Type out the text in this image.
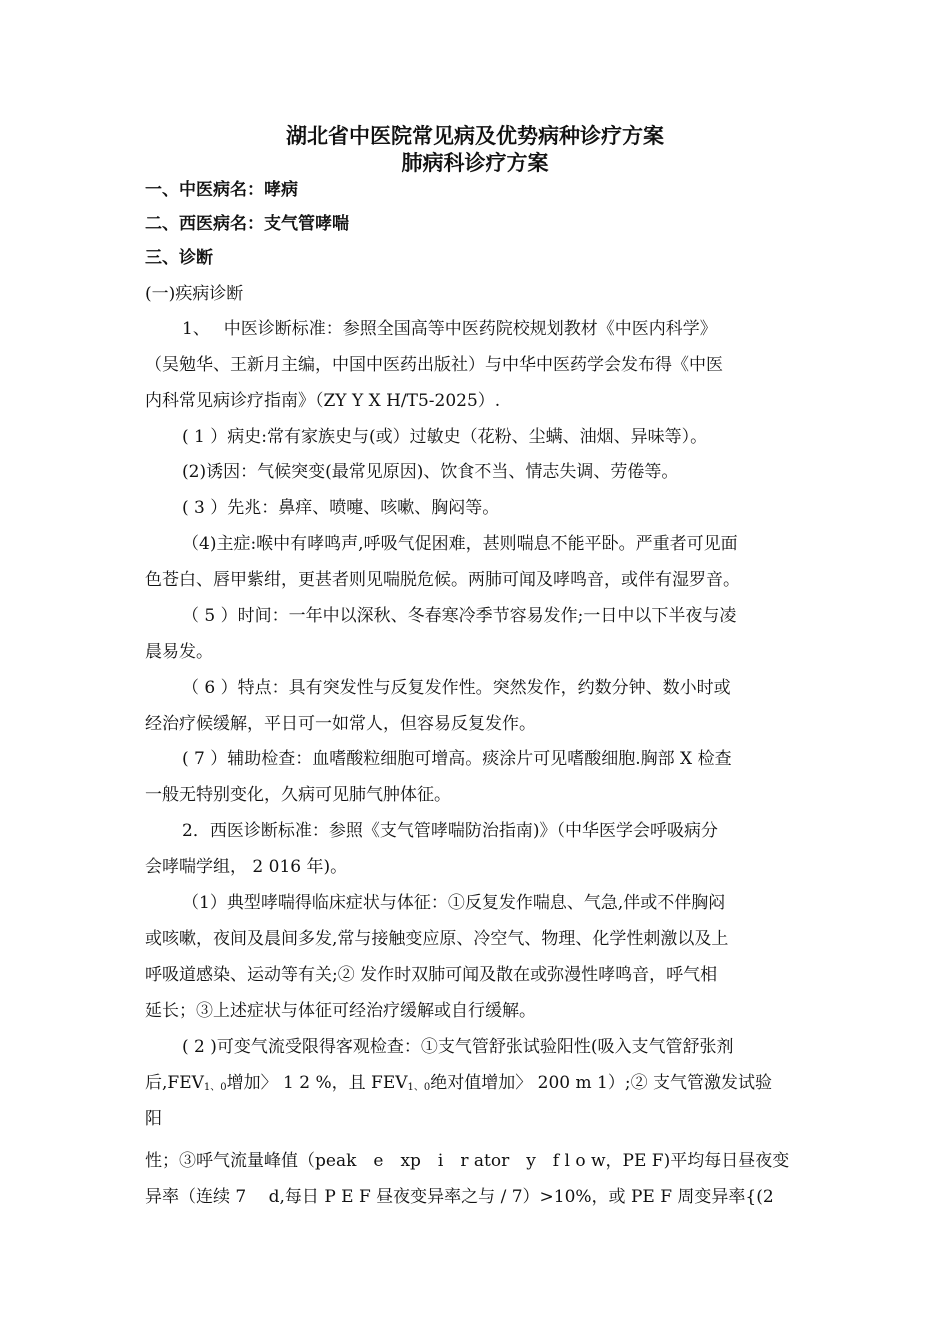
湖北省中医院常见病及优势病种诊疗方案
肺病科诊疗方案
一、中医病名：哮病
二、西医病名：支气管哮喘
三、诊断
(一)疾病诊断
1、　 中医诊断标准：参照全国高等中医药院校规划教材《中医内科学》
（吴勉华、王新月主编，中国中医药出版社）与中华中医药学会发布得《中医
内科常见病诊疗指南》（ZY Y X H/T5-2025）.
( 1 ）病史:常有家族史与(或）过敏史（花粉、尘螨、油烟、异味等）。
(2)诱因：气候突变(最常见原因)、饮食不当、情志失调、劳倦等。
( 3 ）先兆：鼻痒、喷嚏、咳嗽、胸闷等。
（4)主症:喉中有哮鸣声,呼吸气促困难，甚则喘息不能平卧。严重者可见面
色苍白、唇甲紫绀，更甚者则见喘脱危候。两肺可闻及哮鸣音，或伴有湿罗音。
（ 5 ）时间：一年中以深秋、冬春寒冷季节容易发作;一日中以下半夜与凌
晨易发。
（ 6 ）特点：具有突发性与反复发作性。突然发作，约数分钟、数小时或
经治疗候缓解，平日可一如常人，但容易反复发作。
( 7 ）辅助检查：血嗜酸粒细胞可增高。痰涂片可见嗜酸细胞.胸部 X 检查
一般无特别变化，久病可见肺气肿体征。
2．西医诊断标准：参照《支气管哮喘防治指南)》（中华医学会呼吸病分
会哮喘学组， 2 016 年)。
（1）典型哮喘得临床症状与体征：①反复发作喘息、气急,伴或不伴胸闷
或咳嗽，夜间及晨间多发,常与接触变应原、冷空气、物理、化学性刺激以及上
呼吸道感染、运动等有关;② 发作时双肺可闻及散在或弥漫性哮鸣音，呼气相
延长；③上述症状与体征可经治疗缓解或自行缓解。
( 2 )可变气流受限得客观检查：①支气管舒张试验阳性(吸入支气管舒张剂
后$,FEV_{1、0}$增加〉 1 2 %，且 $FEV_{1、0}$绝对值增加〉 200 m 1）;② 支气管激发试验
阳
性；③呼气流量峰值（peak　e　xp　i　r ator　y　f l o w，PE F)平均每日昼夜变
异率（连续 7　 d,每日 P E F 昼夜变异率之与 / 7）>10%，或 PE F 周变异率{(2
